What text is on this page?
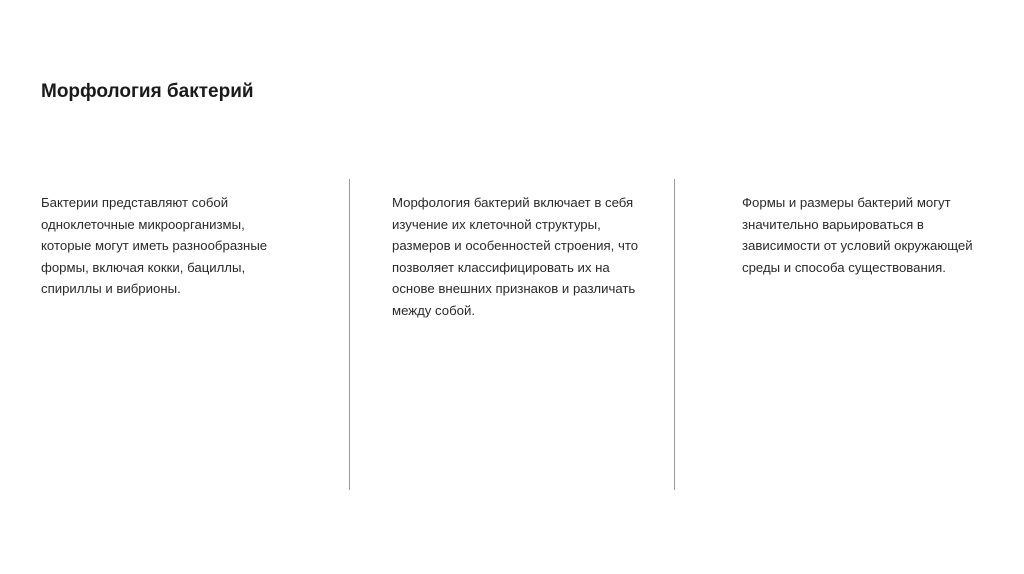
Морфология бактерий
Бактерии представляют собой
одноклеточные микроорганизмы,
которые могут иметь разнообразные
формы, включая кокки, бациллы,
спириллы и вибрионы.
Морфология бактерий включает в себя
изучение их клеточной структуры,
размеров и особенностей строения, что
позволяет классифицировать их на
основе внешних признаков и различать
между собой.
Формы и размеры бактерий могут
значительно варьироваться в
зависимости от условий окружающей
среды и способа существования.
